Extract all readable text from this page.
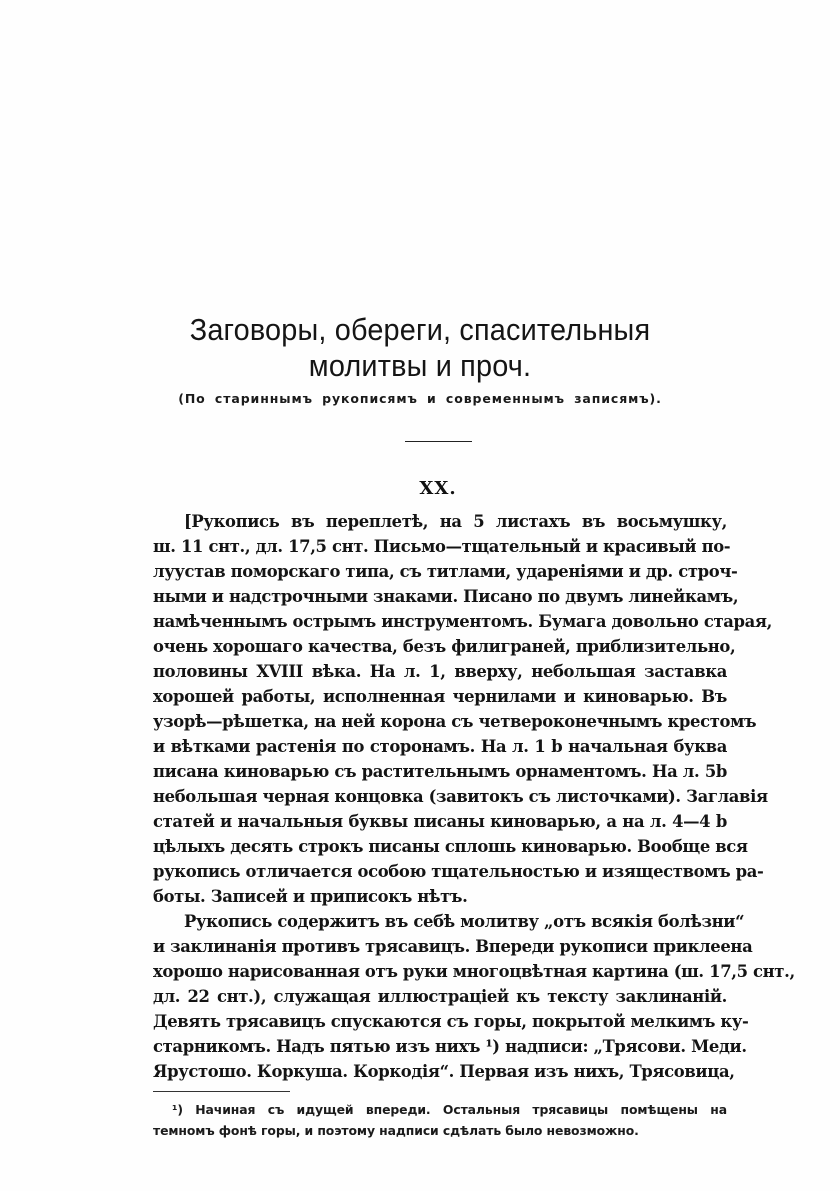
Заговоры, обереги, спасительныя
молитвы и проч.
(По стариннымъ рукописямъ и современнымъ записямъ).
XX.
[Рукопись въ переплетѣ, на 5 листахъ въ восьмушку,
ш. 11 снт., дл. 17,5 снт. Письмо—тщательный и красивый по-
луустав поморскаго типа, съ титлами, удареніями и др. строч-
ными и надстрочными знаками. Писано по двумъ линейкамъ,
намѣченнымъ острымъ инструментомъ. Бумага довольно старая,
очень хорошаго качества, безъ филиграней, приблизительно,
половины XVIII вѣка. На л. 1, вверху, небольшая заставка
хорошей работы, исполненная чернилами и киноварью. Въ
узорѣ—рѣшетка, на ней корона съ четвероконечнымъ крестомъ
и вѣтками растенія по сторонамъ. На л. 1 b начальная буква
писана киноварью съ растительнымъ орнаментомъ. На л. 5b
небольшая черная концовка (завитокъ съ листочками). Заглавія
статей и начальныя буквы писаны киноварью, а на л. 4—4 b
цѣлыхъ десять строкъ писаны сплошь киноварью. Вообще вся
рукопись отличается особою тщательностью и изяществомъ ра-
боты. Записей и приписокъ нѣтъ.
Рукопись содержитъ въ себѣ молитву „отъ всякія болѣзни“
и заклинанія противъ трясавицъ. Впереди рукописи приклеена
хорошо нарисованная отъ руки многоцвѣтная картина (ш. 17,5 снт.,
дл. 22 снт.), служащая иллюстраціей къ тексту заклинаній.
Девять трясавицъ спускаются съ горы, покрытой мелкимъ ку-
старникомъ. Надъ пятью изъ нихъ ¹) надписи: „Трясови. Меди.
Ярустошо. Коркуша. Коркодія“. Первая изъ нихъ, Трясовица,
¹) Начиная съ идущей впереди. Остальныя трясавицы помѣщены на
темномъ фонѣ горы, и поэтому надписи сдѣлать было невозможно.
